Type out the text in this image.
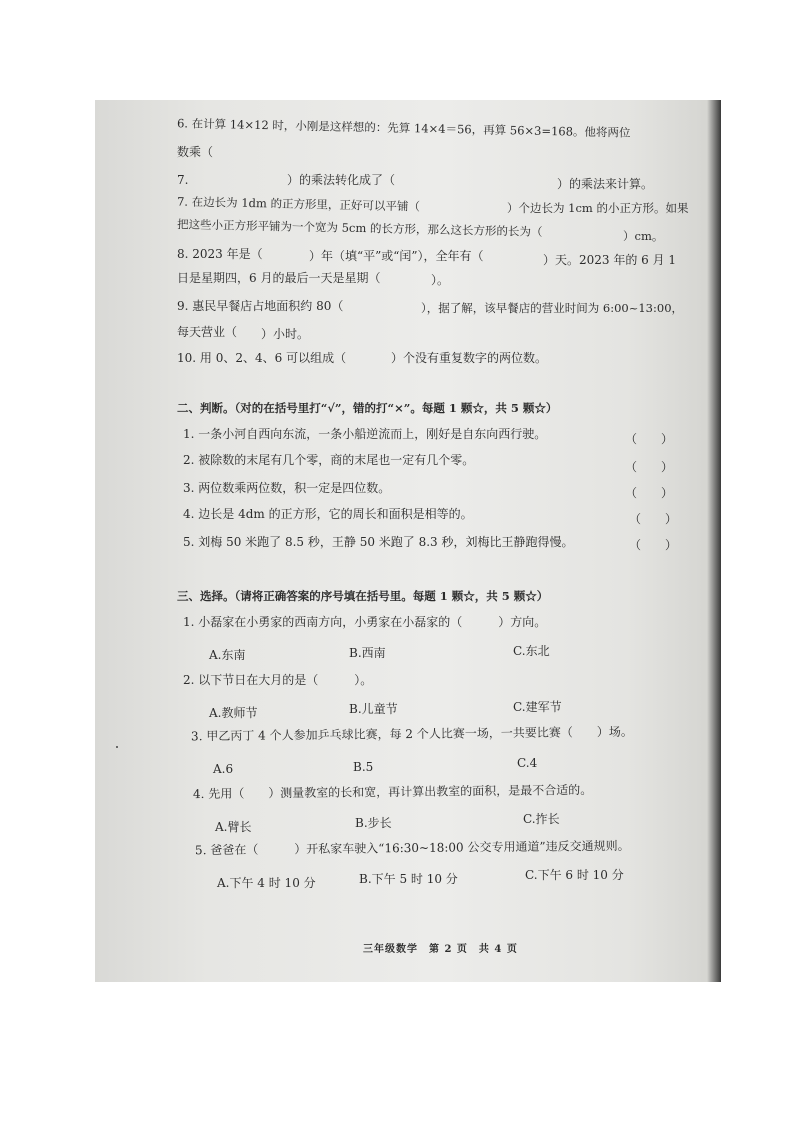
6. 在计算 14×12 时，小刚是这样想的：先算 14×4＝56，再算 56×3=168。他将两位
数乘（
7.	）的乘法转化成了（	）的乘法来计算。
7. 在边长为 1dm 的正方形里，正好可以平铺（	）个边长为 1cm 的小正方形。如果
把这些小正方形平铺为一个宽为 5cm 的长方形，那么这长方形的长为（	）cm。
8. 2023 年是（	）年（填“平”或“闰”），全年有（	）天。2023 年的 6 月 1
日是星期四，6 月的最后一天是星期（	）。
9. 惠民早餐店占地面积约 80（	），据了解，该早餐店的营业时间为 6:00~13:00，
每天营业（ ）小时。
10. 用 0、2、4、6 可以组成（	）个没有重复数字的两位数。
二、判断。（对的在括号里打“√”，错的打“×”。每题 1 颗☆，共 5 颗☆）
1. 一条小河自西向东流，一条小船逆流而上，刚好是自东向西行驶。	（　　）
2. 被除数的末尾有几个零，商的末尾也一定有几个零。	（　　）
3. 两位数乘两位数，积一定是四位数。	（　　）
4. 边长是 4dm 的正方形，它的周长和面积是相等的。	（　　）
5. 刘梅 50 米跑了 8.5 秒，王静 50 米跑了 8.3 秒，刘梅比王静跑得慢。	（　　）
三、选择。（请将正确答案的序号填在括号里。每题 1 颗☆，共 5 颗☆）
1. 小磊家在小勇家的西南方向，小勇家在小磊家的（　　　）方向。
A.东南	B.西南	C.东北
2. 以下节日在大月的是（　　　）。
A.教师节	B.儿童节	C.建军节
3. 甲乙丙丁 4 个人参加乒乓球比赛，每 2 个人比赛一场，一共要比赛（　　）场。
A.6	B.5	C.4
4. 先用（　　）测量教室的长和宽，再计算出教室的面积，是最不合适的。
A.臂长	B.步长	C.拃长
5. 爸爸在（　　　）开私家车驶入“16:30~18:00 公交专用通道”违反交通规则。
A.下午 4 时 10 分	B.下午 5 时 10 分	C.下午 6 时 10 分
三年级数学　第 2 页　共 4 页
